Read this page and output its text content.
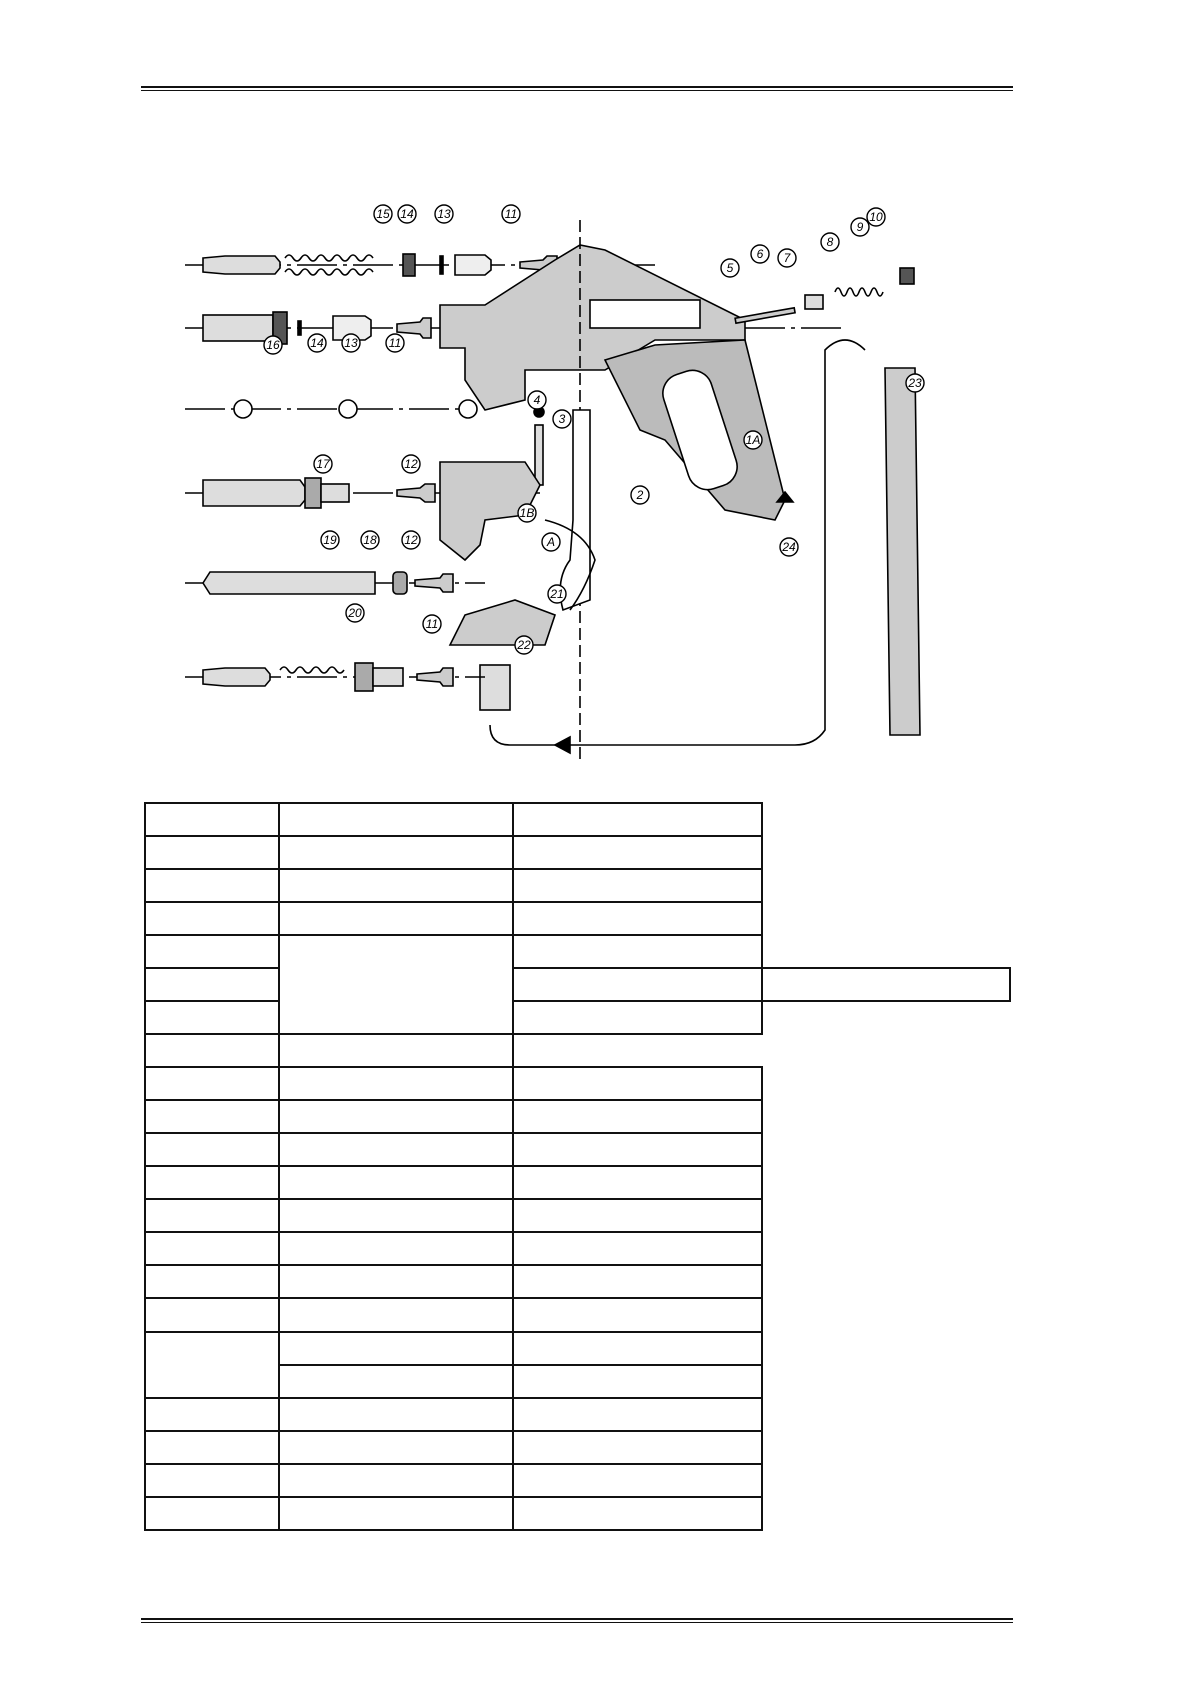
1A
1B
2
3
4
5
6 7
8
9
10
11
11
11
12
12
13
13
14
14
15
16
17
18
19
20
21
22
23
24
A
